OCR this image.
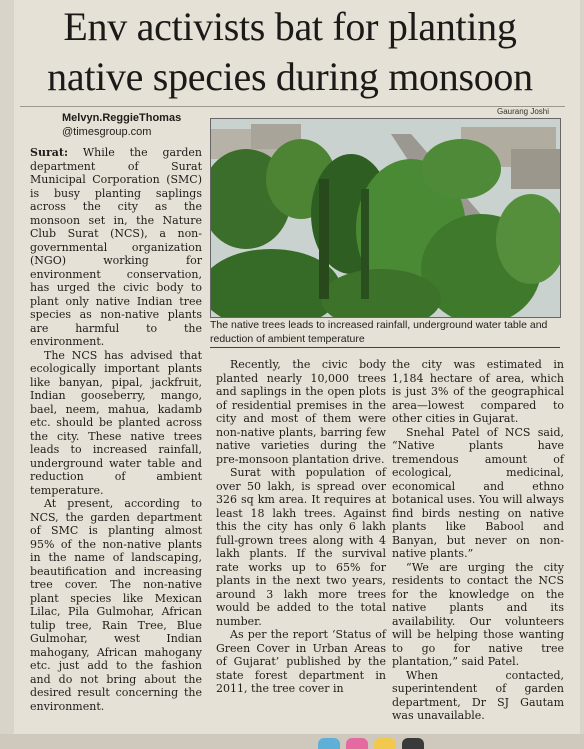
Env activists bat for planting
native species during monsoon
Melvyn.ReggieThomas
@timesgroup.com
Gaurang Joshi
The native trees leads to increased rainfall, underground water table and reduction of ambient temperature

Surat: While the garden department of Surat Municipal Corporation (SMC) is busy planting saplings across the city as the monsoon set in, the Nature Club Surat (NCS), a non-governmental organization (NGO) working for environment conservation, has urged the civic body to plant only native Indian tree species as non-native plants are harmful to the environment.

The NCS has advised that ecologically important plants like banyan, pipal, jackfruit, Indian gooseberry, mango, bael, neem, mahua, kadamb etc. should be planted across the city. These native trees leads to increased rainfall, underground water table and reduction of ambient temperature.

At present, according to NCS, the garden department of SMC is planting almost 95% of the non-native plants in the name of landscaping, beautification and increasing tree cover. The non-native plant species like Mexican Lilac, Pila Gulmohar, African tulip tree, Rain Tree, Blue Gulmohar, west Indian mahogany, African mahogany etc. just add to the fashion and do not bring about the desired result concerning the environment.

Recently, the civic body planted nearly 10,000 trees and saplings in the open plots of residential premises in the city and most of them were non-native plants, barring few native varieties during the pre-monsoon plantation drive.

Surat with population of over 50 lakh, is spread over 326 sq km area. It requires at least 18 lakh trees. Against this the city has only 6 lakh full-grown trees along with 4 lakh plants. If the survival rate works up to 65% for plants in the next two years, around 3 lakh more trees would be added to the total number.

As per the report ‘Status of Green Cover in Urban Areas of Gujarat’ published by the state forest department in 2011, the tree cover in

the city was estimated in 1,184 hectare of area, which is just 3% of the geographical area—lowest compared to other cities in Gujarat.

Snehal Patel of NCS said, “Native plants have tremendous amount of ecological, medicinal, economical and ethno botanical uses. You will always find birds nesting on native plants like Babool and Banyan, but never on non-native plants.”

“We are urging the city residents to contact the NCS for the knowledge on the native plants and its availability. Our volunteers will be helping those wanting to go for native tree plantation,” said Patel.

When contacted, superintendent of garden department, Dr SJ Gautam was unavailable.
